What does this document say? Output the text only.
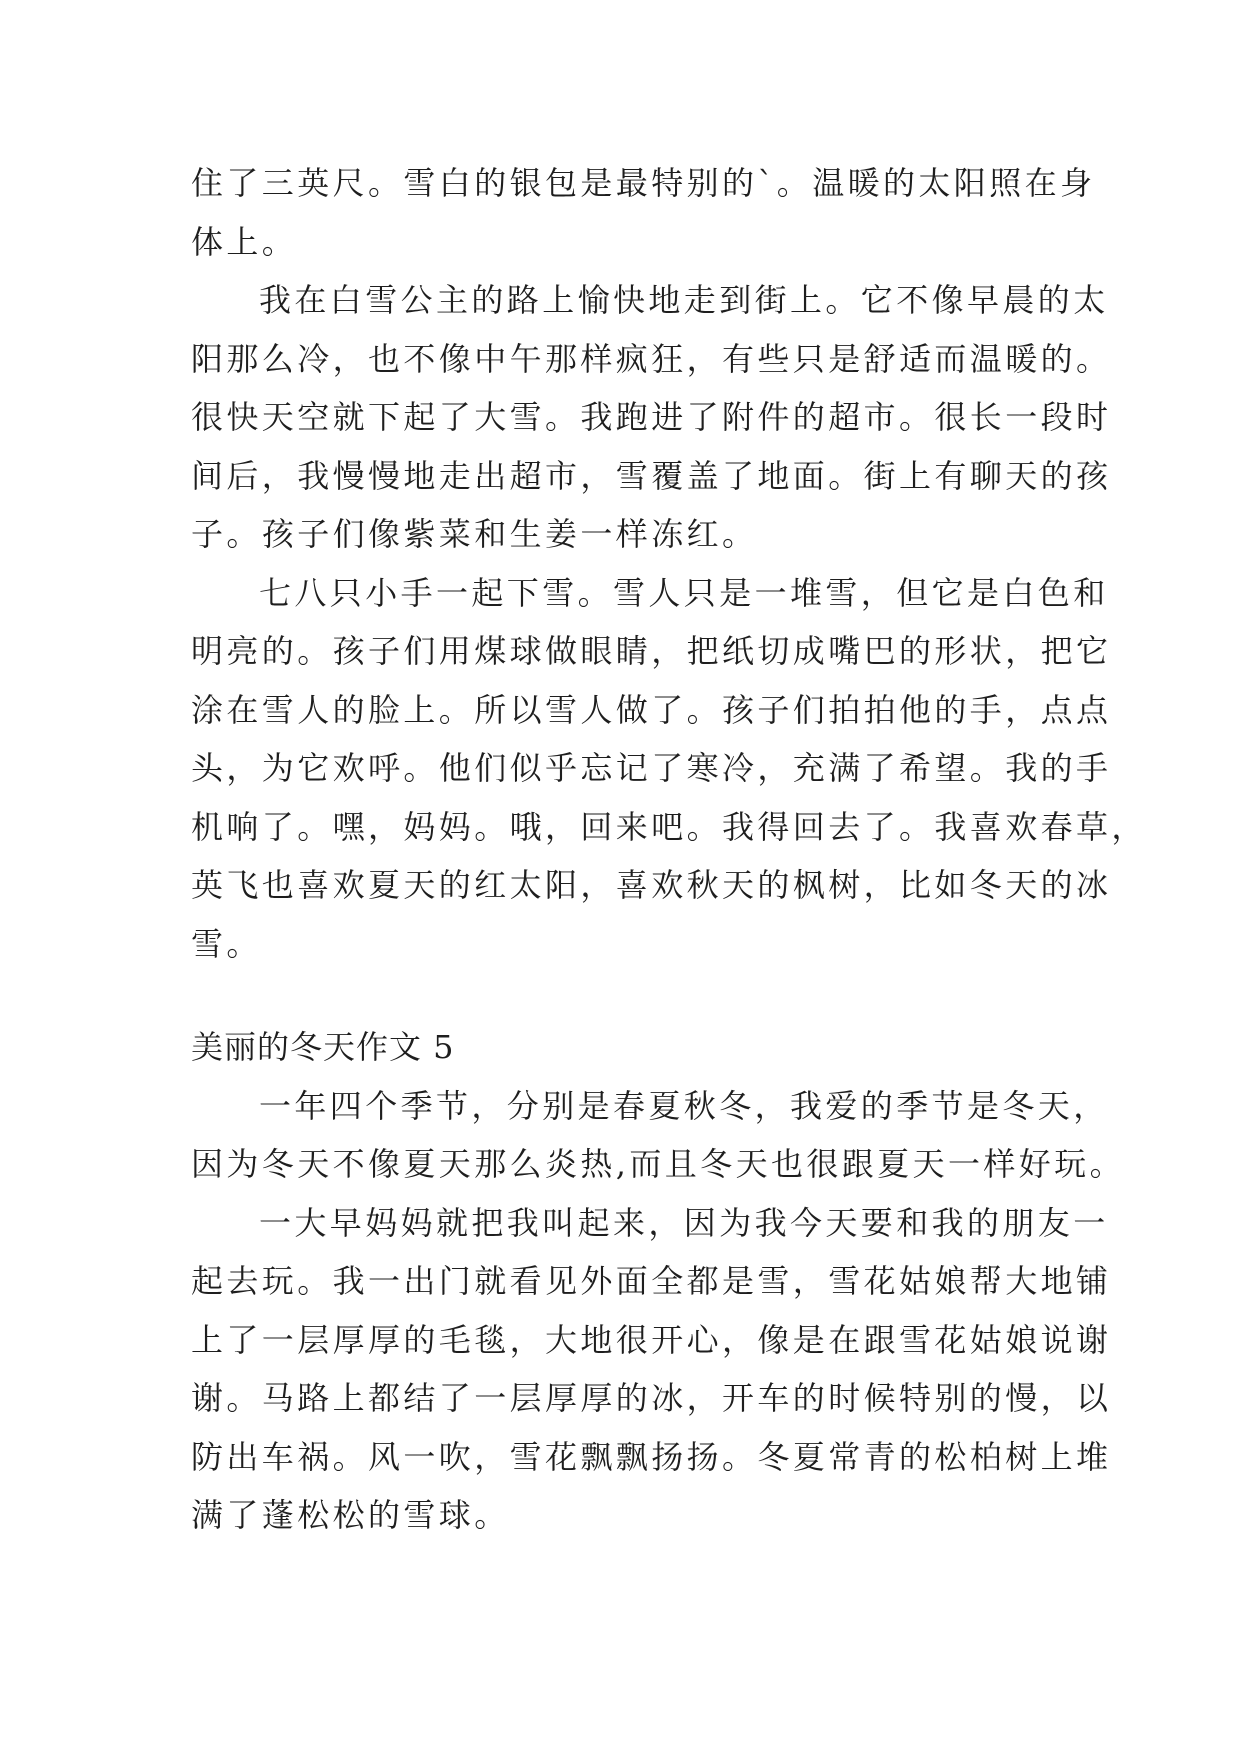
住了三英尺。雪白的银包是最特别的`。温暖的太阳照在身
体上。
我在白雪公主的路上愉快地走到街上。它不像早晨的太
阳那么冷，也不像中午那样疯狂，有些只是舒适而温暖的。
很快天空就下起了大雪。我跑进了附件的超市。很长一段时
间后，我慢慢地走出超市，雪覆盖了地面。街上有聊天的孩
子。孩子们像紫菜和生姜一样冻红。
七八只小手一起下雪。雪人只是一堆雪，但它是白色和
明亮的。孩子们用煤球做眼睛，把纸切成嘴巴的形状，把它
涂在雪人的脸上。所以雪人做了。孩子们拍拍他的手，点点
头，为它欢呼。他们似乎忘记了寒冷，充满了希望。我的手
机响了。嘿，妈妈。哦，回来吧。我得回去了。我喜欢春草，
英飞也喜欢夏天的红太阳，喜欢秋天的枫树，比如冬天的冰
雪。
美丽的冬天作文 5
一年四个季节，分别是春夏秋冬，我爱的季节是冬天，
因为冬天不像夏天那么炎热,而且冬天也很跟夏天一样好玩。
一大早妈妈就把我叫起来，因为我今天要和我的朋友一
起去玩。我一出门就看见外面全都是雪，雪花姑娘帮大地铺
上了一层厚厚的毛毯，大地很开心，像是在跟雪花姑娘说谢
谢。马路上都结了一层厚厚的冰，开车的时候特别的慢，以
防出车祸。风一吹，雪花飘飘扬扬。冬夏常青的松柏树上堆
满了蓬松松的雪球。
